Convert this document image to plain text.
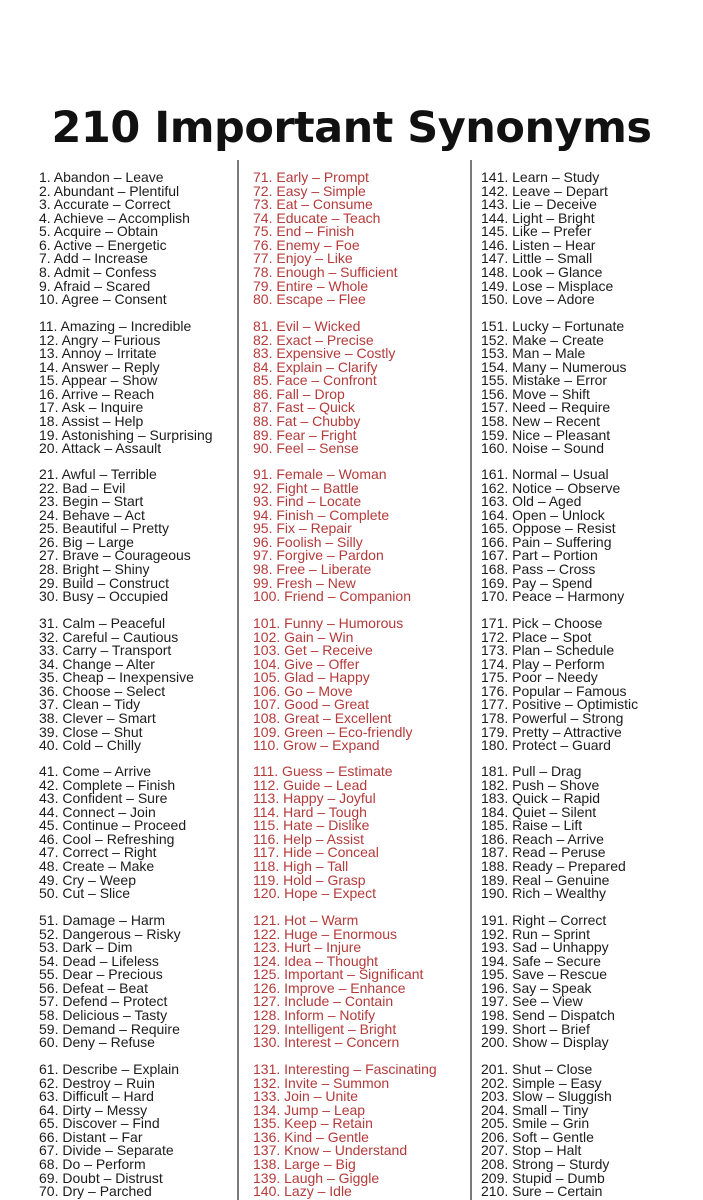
210 Important Synonyms
1. Abandon – Leave
2. Abundant – Plentiful
3. Accurate – Correct
4. Achieve – Accomplish
5. Acquire – Obtain
6. Active – Energetic
7. Add – Increase
8. Admit – Confess
9. Afraid – Scared
10. Agree – Consent
11. Amazing – Incredible
12. Angry – Furious
13. Annoy – Irritate
14. Answer – Reply
15. Appear – Show
16. Arrive – Reach
17. Ask – Inquire
18. Assist – Help
19. Astonishing – Surprising
20. Attack – Assault
21. Awful – Terrible
22. Bad – Evil
23. Begin – Start
24. Behave – Act
25. Beautiful – Pretty
26. Big – Large
27. Brave – Courageous
28. Bright – Shiny
29. Build – Construct
30. Busy – Occupied
31. Calm – Peaceful
32. Careful – Cautious
33. Carry – Transport
34. Change – Alter
35. Cheap – Inexpensive
36. Choose – Select
37. Clean – Tidy
38. Clever – Smart
39. Close – Shut
40. Cold – Chilly
41. Come – Arrive
42. Complete – Finish
43. Confident – Sure
44. Connect – Join
45. Continue – Proceed
46. Cool – Refreshing
47. Correct – Right
48. Create – Make
49. Cry – Weep
50. Cut – Slice
51. Damage – Harm
52. Dangerous – Risky
53. Dark – Dim
54. Dead – Lifeless
55. Dear – Precious
56. Defeat – Beat
57. Defend – Protect
58. Delicious – Tasty
59. Demand – Require
60. Deny – Refuse
61. Describe – Explain
62. Destroy – Ruin
63. Difficult – Hard
64. Dirty – Messy
65. Discover – Find
66. Distant – Far
67. Divide – Separate
68. Do – Perform
69. Doubt – Distrust
70. Dry – Parched
71. Early – Prompt
72. Easy – Simple
73. Eat – Consume
74. Educate – Teach
75. End – Finish
76. Enemy – Foe
77. Enjoy – Like
78. Enough – Sufficient
79. Entire – Whole
80. Escape – Flee
81. Evil – Wicked
82. Exact – Precise
83. Expensive – Costly
84. Explain – Clarify
85. Face – Confront
86. Fall – Drop
87. Fast – Quick
88. Fat – Chubby
89. Fear – Fright
90. Feel – Sense
91. Female – Woman
92. Fight – Battle
93. Find – Locate
94. Finish – Complete
95. Fix – Repair
96. Foolish – Silly
97. Forgive – Pardon
98. Free – Liberate
99. Fresh – New
100. Friend – Companion
101. Funny – Humorous
102. Gain – Win
103. Get – Receive
104. Give – Offer
105. Glad – Happy
106. Go – Move
107. Good – Great
108. Great – Excellent
109. Green – Eco-friendly
110. Grow – Expand
111. Guess – Estimate
112. Guide – Lead
113. Happy – Joyful
114. Hard – Tough
115. Hate – Dislike
116. Help – Assist
117. Hide – Conceal
118. High – Tall
119. Hold – Grasp
120. Hope – Expect
121. Hot – Warm
122. Huge – Enormous
123. Hurt – Injure
124. Idea – Thought
125. Important – Significant
126. Improve – Enhance
127. Include – Contain
128. Inform – Notify
129. Intelligent – Bright
130. Interest – Concern
131. Interesting – Fascinating
132. Invite – Summon
133. Join – Unite
134. Jump – Leap
135. Keep – Retain
136. Kind – Gentle
137. Know – Understand
138. Large – Big
139. Laugh – Giggle
140. Lazy – Idle
141. Learn – Study
142. Leave – Depart
143. Lie – Deceive
144. Light – Bright
145. Like – Prefer
146. Listen – Hear
147. Little – Small
148. Look – Glance
149. Lose – Misplace
150. Love – Adore
151. Lucky – Fortunate
152. Make – Create
153. Man – Male
154. Many – Numerous
155. Mistake – Error
156. Move – Shift
157. Need – Require
158. New – Recent
159. Nice – Pleasant
160. Noise – Sound
161. Normal – Usual
162. Notice – Observe
163. Old – Aged
164. Open – Unlock
165. Oppose – Resist
166. Pain – Suffering
167. Part – Portion
168. Pass – Cross
169. Pay – Spend
170. Peace – Harmony
171. Pick – Choose
172. Place – Spot
173. Plan – Schedule
174. Play – Perform
175. Poor – Needy
176. Popular – Famous
177. Positive – Optimistic
178. Powerful – Strong
179. Pretty – Attractive
180. Protect – Guard
181. Pull – Drag
182. Push – Shove
183. Quick – Rapid
184. Quiet – Silent
185. Raise – Lift
186. Reach – Arrive
187. Read – Peruse
188. Ready – Prepared
189. Real – Genuine
190. Rich – Wealthy
191. Right – Correct
192. Run – Sprint
193. Sad – Unhappy
194. Safe – Secure
195. Save – Rescue
196. Say – Speak
197. See – View
198. Send – Dispatch
199. Short – Brief
200. Show – Display
201. Shut – Close
202. Simple – Easy
203. Slow – Sluggish
204. Small – Tiny
205. Smile – Grin
206. Soft – Gentle
207. Stop – Halt
208. Strong – Sturdy
209. Stupid – Dumb
210. Sure – Certain
